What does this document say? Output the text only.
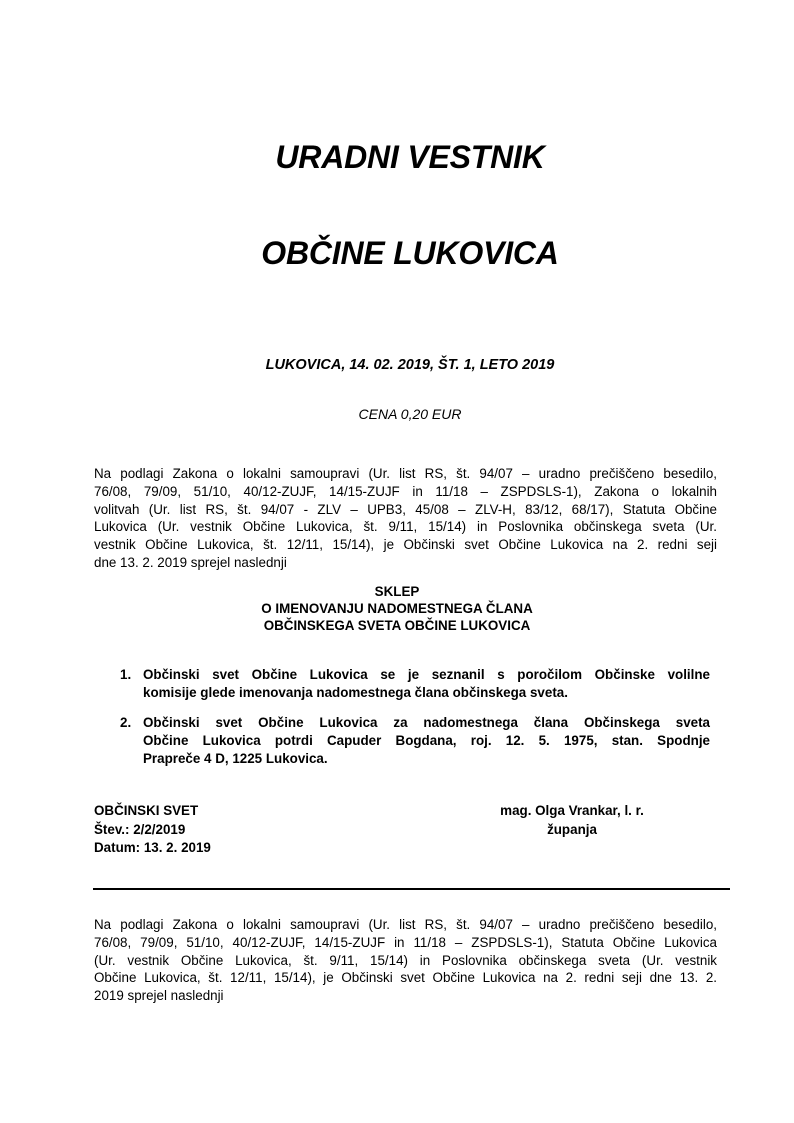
URADNI VESTNIK
OBČINE LUKOVICA
LUKOVICA, 14. 02. 2019, ŠT. 1, LETO 2019
CENA 0,20 EUR
Na podlagi Zakona o lokalni samoupravi (Ur. list RS, št. 94/07 – uradno prečiščeno besedilo,
76/08, 79/09, 51/10, 40/12-ZUJF, 14/15-ZUJF in 11/18 – ZSPDSLS-1), Zakona o lokalnih
volitvah (Ur. list RS, št. 94/07 - ZLV – UPB3, 45/08 – ZLV-H, 83/12, 68/17), Statuta Občine
Lukovica (Ur. vestnik Občine Lukovica, št. 9/11, 15/14) in Poslovnika občinskega sveta (Ur.
vestnik Občine Lukovica, št. 12/11, 15/14), je Občinski svet Občine Lukovica na 2. redni seji
dne 13. 2. 2019 sprejel naslednji
SKLEP
O IMENOVANJU NADOMESTNEGA ČLANA
OBČINSKEGA SVETA OBČINE LUKOVICA
1. Občinski svet Občine Lukovica se je seznanil s poročilom Občinske volilne
komisije glede imenovanja nadomestnega člana občinskega sveta.
2. Občinski svet Občine Lukovica za nadomestnega člana Občinskega sveta
Občine Lukovica potrdi Capuder Bogdana, roj. 12. 5. 1975, stan. Spodnje
Prapreče 4 D, 1225 Lukovica.
OBČINSKI SVET
Štev.: 2/2/2019
Datum: 13. 2. 2019
mag. Olga Vrankar, l. r.
županja
Na podlagi Zakona o lokalni samoupravi (Ur. list RS, št. 94/07 – uradno prečiščeno besedilo,
76/08, 79/09, 51/10, 40/12-ZUJF, 14/15-ZUJF in 11/18 – ZSPDSLS-1), Statuta Občine Lukovica
(Ur. vestnik Občine Lukovica, št. 9/11, 15/14) in Poslovnika občinskega sveta (Ur. vestnik
Občine Lukovica, št. 12/11, 15/14), je Občinski svet Občine Lukovica na 2. redni seji dne 13. 2.
2019 sprejel naslednji
